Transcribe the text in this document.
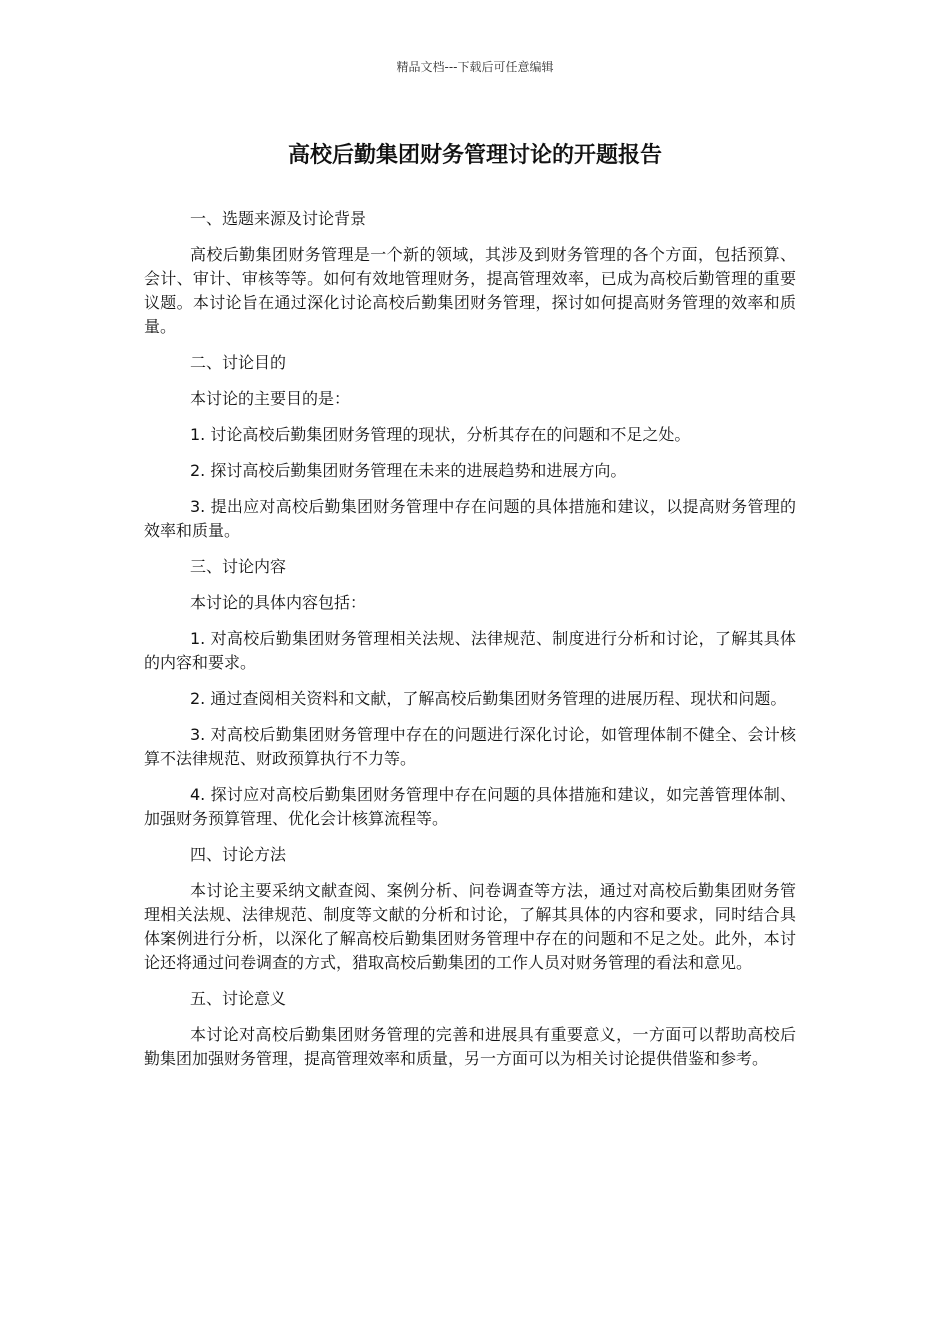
精品文档---下载后可任意编辑
高校后勤集团财务管理讨论的开题报告

一、选题来源及讨论背景

高校后勤集团财务管理是一个新的领域，其涉及到财务管理的各个方面，包括预算、会计、审计、审核等等。如何有效地管理财务，提高管理效率，已成为高校后勤管理的重要议题。本讨论旨在通过深化讨论高校后勤集团财务管理，探讨如何提高财务管理的效率和质量。

二、讨论目的

本讨论的主要目的是：

1. 讨论高校后勤集团财务管理的现状，分析其存在的问题和不足之处。

2. 探讨高校后勤集团财务管理在未来的进展趋势和进展方向。

3. 提出应对高校后勤集团财务管理中存在问题的具体措施和建议，以提高财务管理的效率和质量。

三、讨论内容

本讨论的具体内容包括：

1. 对高校后勤集团财务管理相关法规、法律规范、制度进行分析和讨论，了解其具体的内容和要求。

2. 通过查阅相关资料和文献，了解高校后勤集团财务管理的进展历程、现状和问题。

3. 对高校后勤集团财务管理中存在的问题进行深化讨论，如管理体制不健全、会计核算不法律规范、财政预算执行不力等。

4. 探讨应对高校后勤集团财务管理中存在问题的具体措施和建议，如完善管理体制、加强财务预算管理、优化会计核算流程等。

四、讨论方法

本讨论主要采纳文献查阅、案例分析、问卷调查等方法，通过对高校后勤集团财务管理相关法规、法律规范、制度等文献的分析和讨论，了解其具体的内容和要求，同时结合具体案例进行分析，以深化了解高校后勤集团财务管理中存在的问题和不足之处。此外，本讨论还将通过问卷调查的方式，猎取高校后勤集团的工作人员对财务管理的看法和意见。

五、讨论意义

本讨论对高校后勤集团财务管理的完善和进展具有重要意义，一方面可以帮助高校后勤集团加强财务管理，提高管理效率和质量，另一方面可以为相关讨论提供借鉴和参考。
